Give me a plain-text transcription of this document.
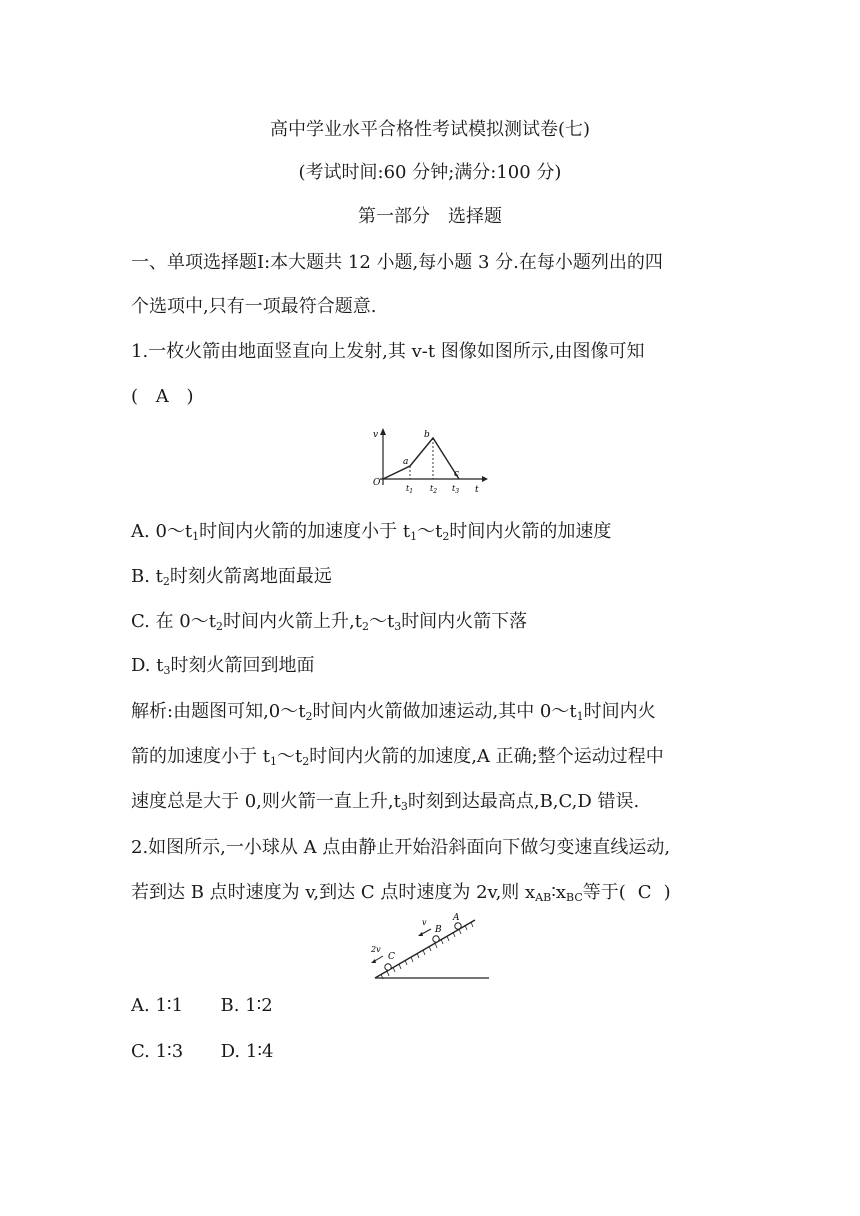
高中学业水平合格性考试模拟测试卷(七)
(考试时间:60 分钟;满分:100 分)
第一部分　选择题
一、单项选择题Ⅰ:本大题共 12 小题,每小题 3 分.在每小题列出的四
个选项中,只有一项最符合题意.
1.一枚火箭由地面竖直向上发射,其 v-t 图像如图所示,由图像可知
( A )
v
O
a
b
c
t
$t_1$ $t_2$ $t_3$
A. $0\sim t_1$时间内火箭的加速度小于 $t_1\sim t_2$时间内火箭的加速度
B. $t_2$时刻火箭离地面最远
C. 在 $0\sim t_2$时间内火箭上升$,t_2\sim t_3$时间内火箭下落
D. $t_3$时刻火箭回到地面
解析:由题图可知$,0\sim t_2$时间内火箭做加速运动,其中 $0\sim t_1$时间内火
箭的加速度小于 $t_1\sim t_2$时间内火箭的加速度,A 正确;整个运动过程中
速度总是大于 0,则火箭一直上升$,t_3$时刻到达最高点,B,C,D 错误.
2.如图所示,一小球从 A 点由静止开始沿斜面向下做匀变速直线运动,
若到达 B 点时速度为 v,到达 C 点时速度为 2v,则 $x_{AB}∶x_{BC}$等于( C )
A
B
C
v
2v
A. 1∶1 B. 1∶2
C. 1∶3 D. 1∶4
